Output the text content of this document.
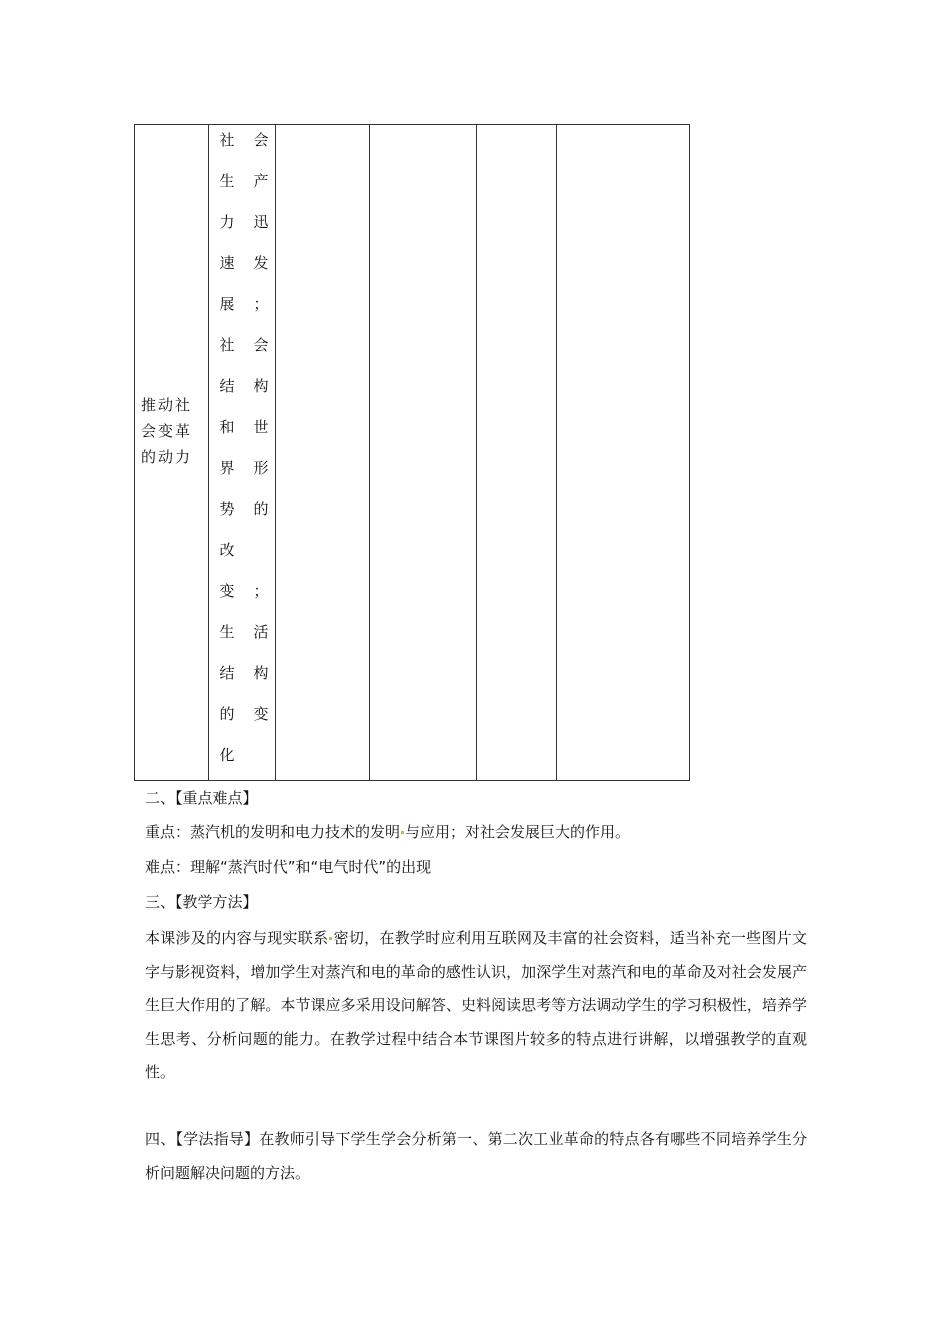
推动社
会变革
的动力
社 会
生 产
力 迅
速 发
展 ；
社 会
结 构
和 世
界 形
势 的
改
变 ；
生 活
结 构
的 变
化
二、【重点难点】
重点：蒸汽机的发明和电力技术的发明 与应用；对社会发展巨大的作用。
难点：理解“蒸汽时代”和“电气时代”的出现
三、【教学方法】
本课涉及的内容与现实联系 密切，在教学时应利用互联网及丰富的社会资料，适当补充一些图片文字与影视资料，增加学生对蒸汽和电的革命的感性认识，加深学生对蒸汽和电的革命及对社会发展产生巨大作用的了解。本节课应多采用设问解答、史料阅读思考等方法调动学生的学习积极性，培养学生思考、分析问题的能力。在教学过程中结合本节课图片较多的特点进行讲解，以增强教学的直观性。
四、【学法指导】在教师引导下学生学会分析第一、第二次工业革命的特点各有哪些不同培养学生分析问题解决问题的方法。
